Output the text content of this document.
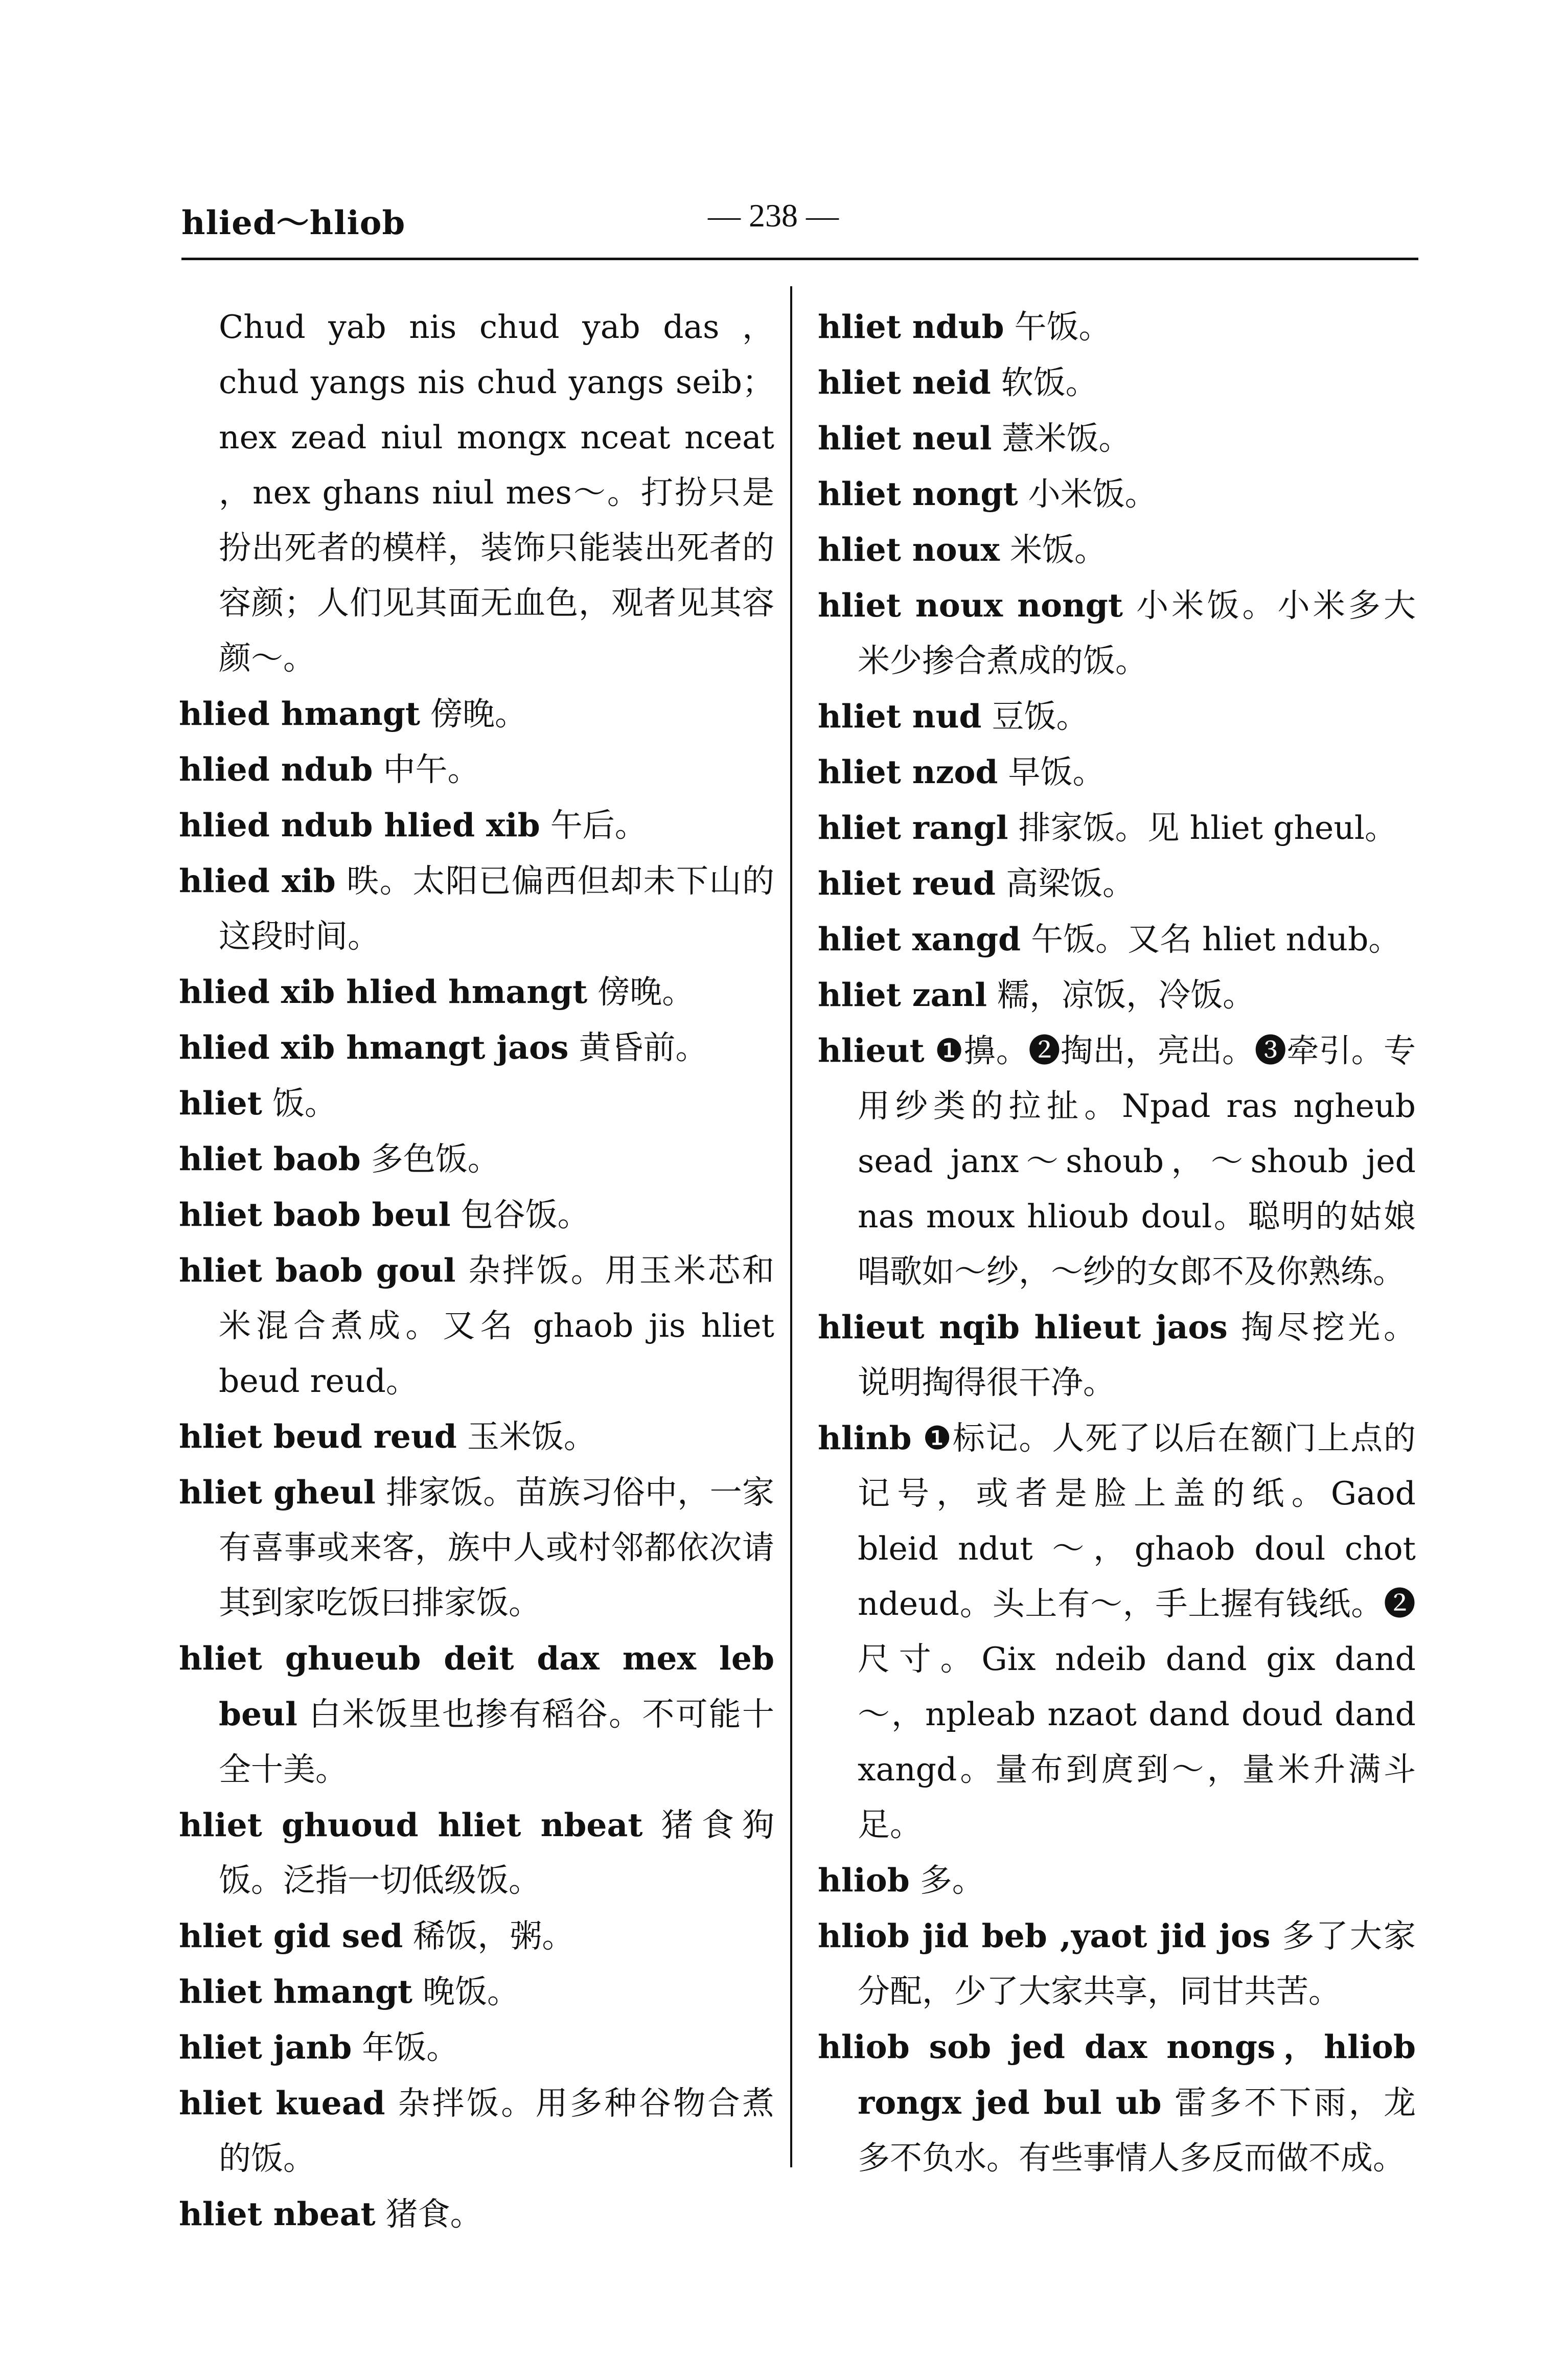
hlied～hliob	— 238 —
Chud yab nis chud yab das ，chud yangs nis chud yangs seib；nex zead niul mongx nceat nceat ，nex ghans niul mes～。打扮只是扮出死者的模样，装饰只能装出死者的容颜；人们见其面无血色，观者见其容颜～。
hlied hmangt 傍晚。
hlied ndub 中午。
hlied ndub hlied xib 午后。
hlied xib 昳。太阳已偏西但却未下山的这段时间。
hlied xib hlied hmangt 傍晚。
hlied xib hmangt jaos 黄昏前。
hliet 饭。
hliet baob 多色饭。
hliet baob beul 包谷饭。
hliet baob goul 杂拌饭。用玉米芯和米混合煮成。又名 ghaob jis hliet beud reud。
hliet beud reud 玉米饭。
hliet gheul 排家饭。苗族习俗中，一家有喜事或来客，族中人或村邻都依次请其到家吃饭曰排家饭。
hliet ghueub deit dax mex leb beul 白米饭里也掺有稻谷。不可能十全十美。
hliet ghuoud hliet nbeat 猪食狗饭。泛指一切低级饭。
hliet gid sed 稀饭，粥。
hliet hmangt 晚饭。
hliet janb 年饭。
hliet kuead 杂拌饭。用多种谷物合煮的饭。
hliet nbeat 猪食。
hliet ndub 午饭。
hliet neid 软饭。
hliet neul 薏米饭。
hliet nongt 小米饭。
hliet noux 米饭。
hliet noux nongt 小米饭。小米多大米少掺合煮成的饭。
hliet nud 豆饭。
hliet nzod 早饭。
hliet rangl 排家饭。见 hliet gheul。
hliet reud 高梁饭。
hliet xangd 午饭。又名 hliet ndub。
hliet zanl 糯，凉饭，冷饭。
hlieut ❶擤。❷掏出，亮出。❸牵引。专用纱类的拉扯。Npad ras ngheub sead janx～shoub，～shoub jed nas moux hlioub doul。聪明的姑娘唱歌如～纱，～纱的女郎不及你熟练。
hlieut nqib hlieut jaos 掏尽挖光。说明掏得很干净。
hlinb ❶标记。人死了以后在额门上点的记号，或者是脸上盖的纸。Gaod bleid ndut ～，ghaob doul chot ndeud。头上有～，手上握有钱纸。❷尺寸。Gix ndeib dand gix dand～，npleab nzaot dand doud dand xangd。量布到庹到～，量米升满斗足。
hliob 多。
hliob jid beb ,yaot jid jos 多了大家分配，少了大家共享，同甘共苦。
hliob sob jed dax nongs，hliob rongx jed bul ub 雷多不下雨，龙多不负水。有些事情人多反而做不成。
